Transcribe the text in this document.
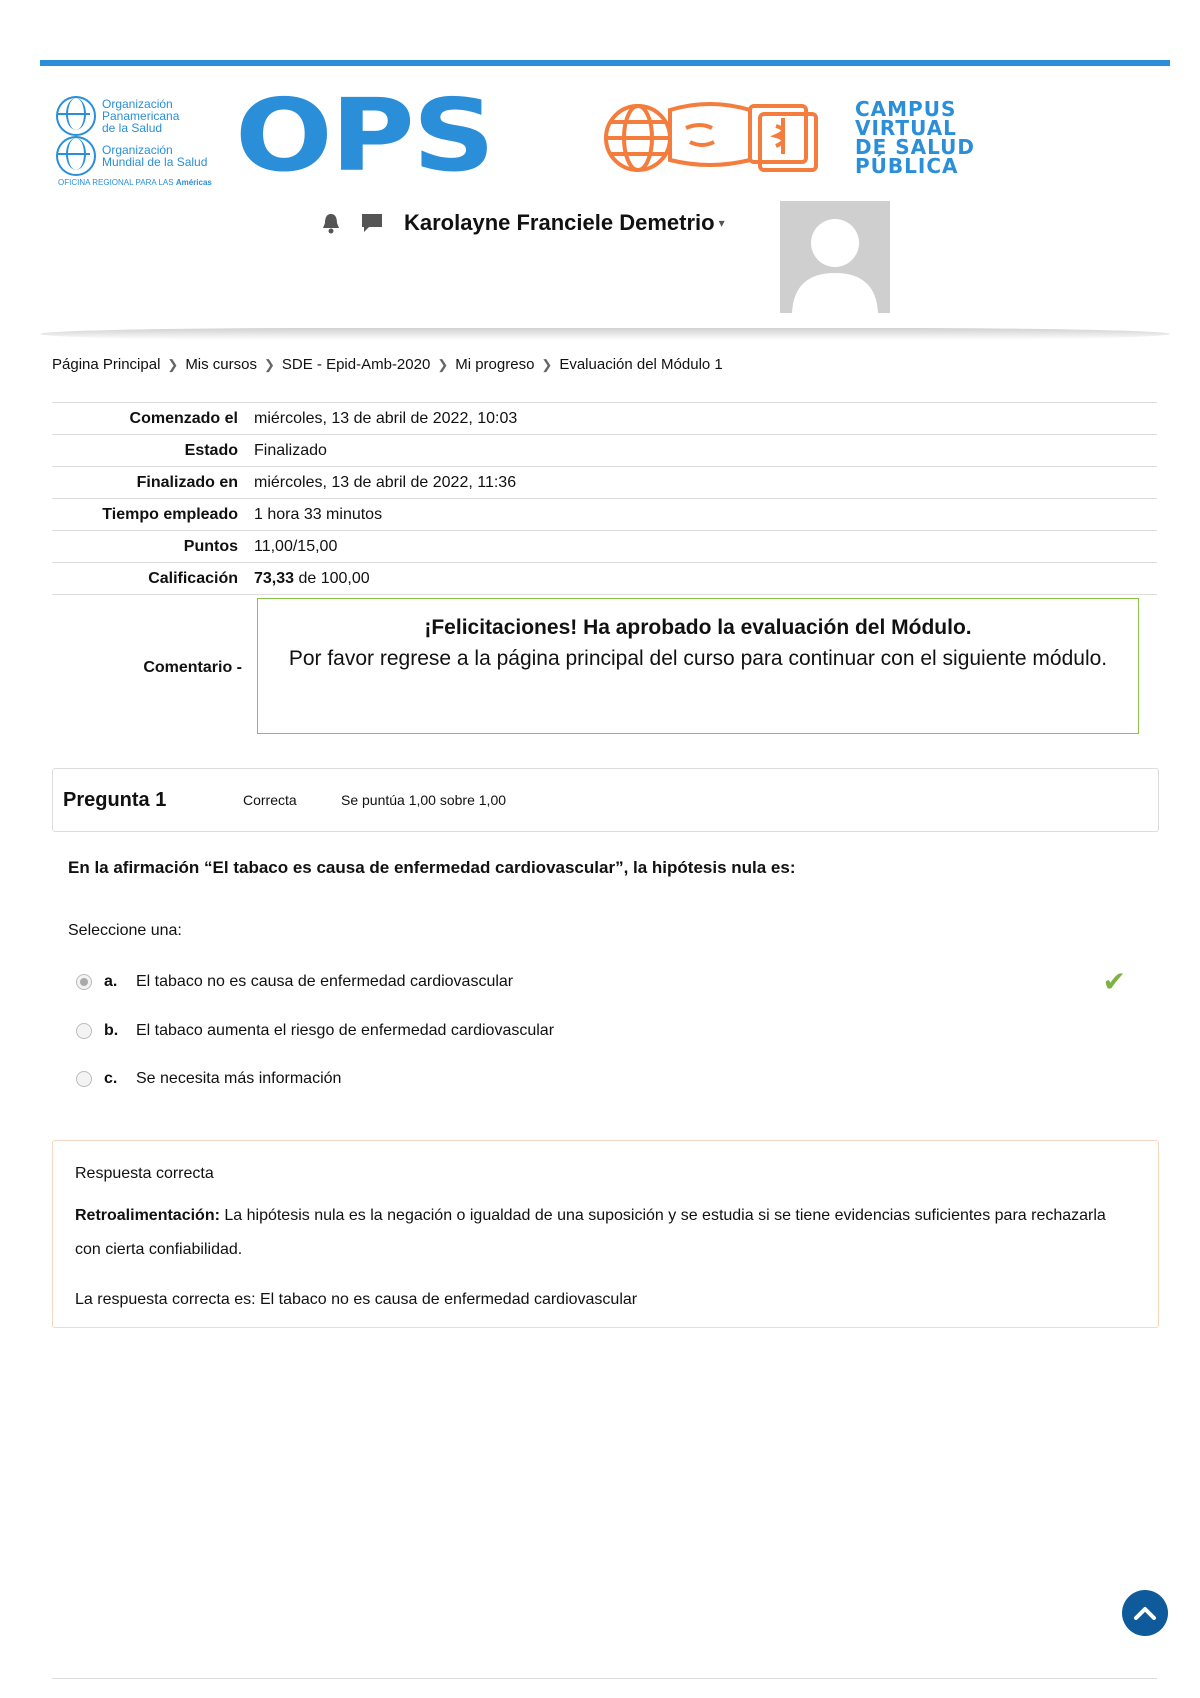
Organización
Panamericana
de la Salud
Organización
Mundial de la Salud
OFICINA REGIONAL PARA LAS Américas OPS	CAMPUS
VIRTUAL
DE SALUD
PÚBLICA
Karolayne Franciele Demetrio ▾
Página Principal ❯ Mis cursos ❯ SDE - Epid-Amb-2020 ❯ Mi progreso ❯ Evaluación del Módulo 1
Comenzado el	miércoles, 13 de abril de 2022, 10:03
Estado	Finalizado
Finalizado en	miércoles, 13 de abril de 2022, 11:36
Tiempo empleado	1 hora 33 minutos
Puntos	11,00/15,00
Calificación	73,33 de 100,00
Comentario -
¡Felicitaciones! Ha aprobado la evaluación del Módulo.
Por favor regrese a la página principal del curso para continuar con el siguiente módulo.
Pregunta 1	Correcta	Se puntúa 1,00 sobre 1,00
En la afirmación “El tabaco es causa de enfermedad cardiovascular”, la hipótesis nula es:
Seleccione una:
a.	El tabaco no es causa de enfermedad cardiovascular	✔
b.	El tabaco aumenta el riesgo de enfermedad cardiovascular
c.	Se necesita más información
Respuesta correcta
Retroalimentación: La hipótesis nula es la negación o igualdad de una suposición y se estudia si se tiene evidencias suficientes para rechazarla con cierta confiabilidad.
La respuesta correcta es: El tabaco no es causa de enfermedad cardiovascular
